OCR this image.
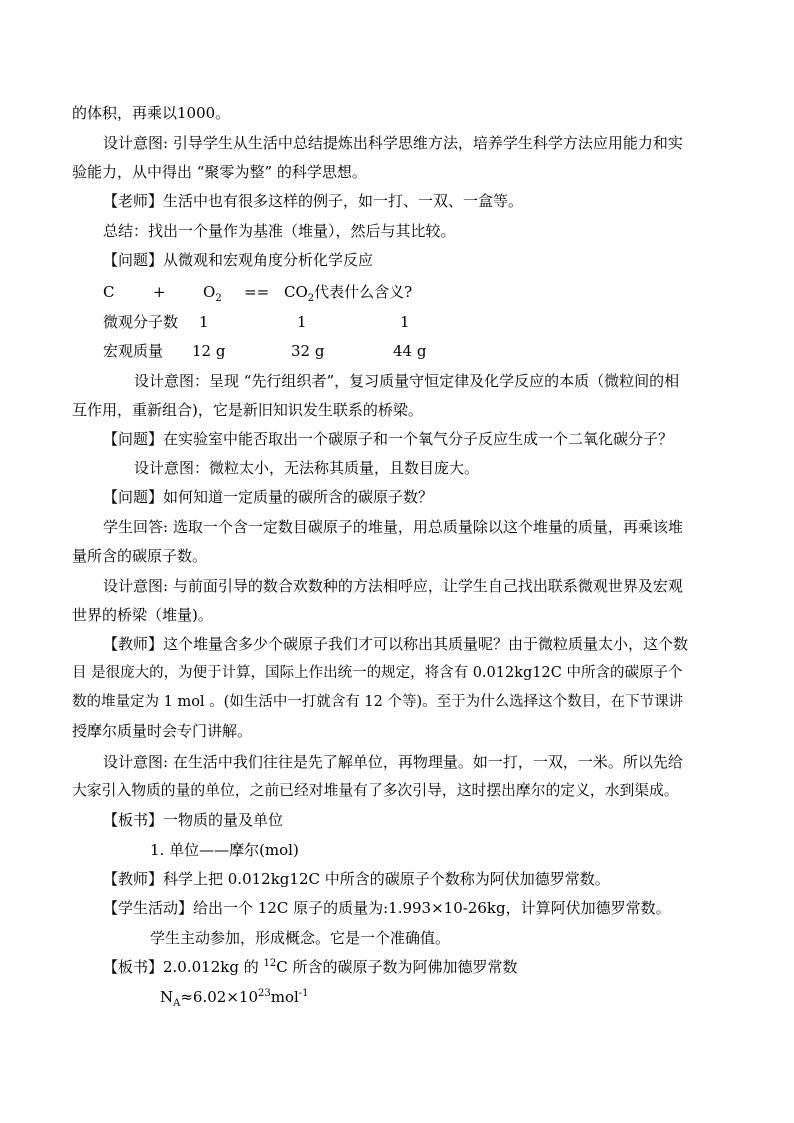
的体积，再乘以1000。
设计意图: 引导学生从生活中总结提炼出科学思维方法，培养学生科学方法应用能力和实
验能力，从中得出 “聚零为整” 的科学思想。
【老师】生活中也有很多这样的例子，如一打、一双、一盒等。
总结：找出一个量作为基准（堆量），然后与其比较。
【问题】从微观和宏观角度分析化学反应
C	+ $O_2 == CO_2$代表什么含义?
微观分子数 1	1	1
宏观质量 12 g	32 g	44 g
设计意图：呈现 “先行组织者”，复习质量守恒定律及化学反应的本质（微粒间的相
互作用，重新组合)，它是新旧知识发生联系的桥梁。
【问题】在实验室中能否取出一个碳原子和一个氧气分子反应生成一个二氧化碳分子？
设计意图：微粒太小，无法称其质量，且数目庞大。
【问题】如何知道一定质量的碳所含的碳原子数？
学生回答: 选取一个含一定数目碳原子的堆量，用总质量除以这个堆量的质量，再乘该堆
量所含的碳原子数。
设计意图: 与前面引导的数合欢数种的方法相呼应，让学生自己找出联系微观世界及宏观
世界的桥梁（堆量)。
【教师】这个堆量含多少个碳原子我们才可以称出其质量呢？由于微粒质量太小，这个数
目 是很庞大的，为便于计算，国际上作出统一的规定，将含有 0.012kg12C 中所含的碳原子个
数的堆量定为 1 mol 。(如生活中一打就含有 12 个等)。至于为什么选择这个数目，在下节课讲
授摩尔质量时会专门讲解。
设计意图: 在生活中我们往往是先了解单位，再物理量。如一打，一双，一米。所以先给
大家引入物质的量的单位，之前已经对堆量有了多次引导，这时摆出摩尔的定义，水到渠成。
【板书】一物质的量及单位
1. 单位——摩尔(mol)
【教师】科学上把 0.012kg12C 中所含的碳原子个数称为阿伏加德罗常数。
【学生活动】给出一个 12C 原子的质量为:1.993×10-26kg，计算阿伏加德罗常数。
学生主动参加，形成概念。它是一个准确值。
【板书】2.0.012kg 的 $^{12}$C 所含的碳原子数为阿佛加德罗常数
$N_A\approx 6.02\times 10^{23}mol^{-1}$
